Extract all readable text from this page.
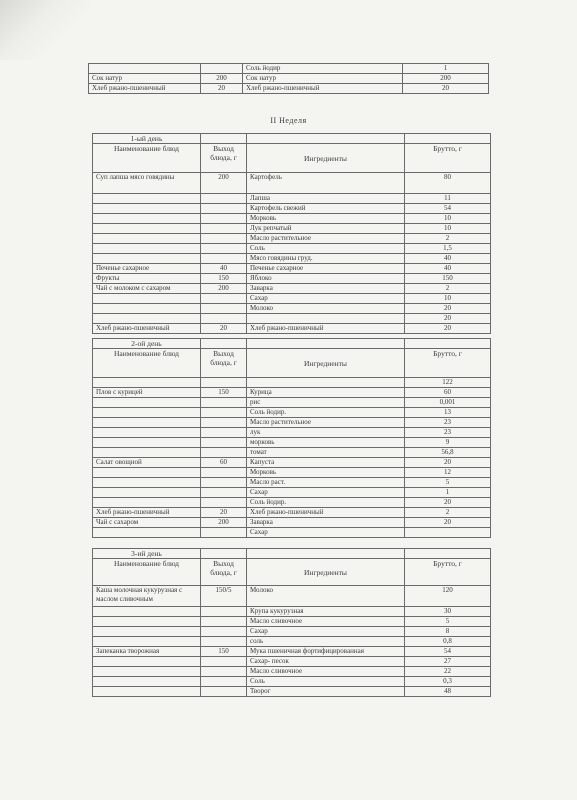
		Соль йодир	1
Сок натур	200	Сок натур	200
Хлеб ржано-пшеничный	20	Хлеб ржано-пшеничный	20
II Неделя
1-ый день			
Наименование блюд	Выход блюда, г	Ингредиенты	Брутто, г
Суп лапша мясо говядины	200	Картофель	80
		Лапша	11
		Картофель свежий	54
		Морковь	10
		Лук репчатый	10
		Масло растительное	2
		Соль	1,5
		Мясо говядины груд.	40
Печенье сахарное	40	Печенье сахарное	40
Фрукты	150	Яблоко	150
Чай с молоком с сахаром	200	Заварка	2
		Сахар	10
		Молоко	20
			20
Хлеб ржано-пшеничный	20	Хлеб ржано-пшеничный	20
2-ой день			
Наименование блюд	Выход блюда, г	Ингредиенты	Брутто, г
			122
Плов с курицей	150	Курица	60
		рис	0,001
		Соль йодир.	13
		Масло растительное	23
		лук	23
		морковь	9
		томат	56,8
Салат овощной	60	Капуста	20
		Морковь	12
		Масло раст.	5
		Сахар	1
		Соль йодир.	20
Хлеб ржано-пшеничный	20	Хлеб ржано-пшеничный	2
Чай с сахаром	200	Заварка	20
		Сахар	
3-ий день			
Наименование блюд	Выход блюда, г	Ингредиенты	Брутто, г
Каша молочная кукурузная с маслом сливочным	150/5	Молоко	120
		Крупа кукурузная	30
		Масло сливочное	5
		Сахар	8
		соль	0,8
Запеканка творожная	150	Мука пшеничная фортифицированная	54
		Сахар- песок	27
		Масло сливочное	22
		Соль	0,3
		Творог	48
